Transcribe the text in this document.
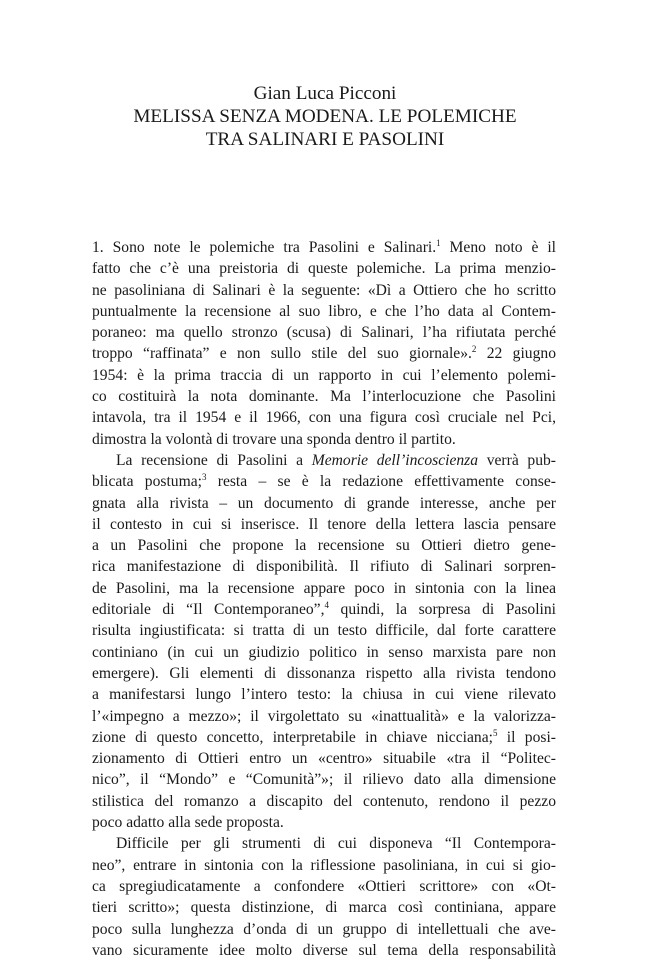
Gian Luca Picconi
MELISSA SENZA MODENA. LE POLEMICHE
TRA SALINARI E PASOLINI
1. Sono note le polemiche tra Pasolini e Salinari.$^1$ Meno noto è il
fatto che c’è una preistoria di queste polemiche. La prima menzio-
ne pasoliniana di Salinari è la seguente: «Dì a Ottiero che ho scritto
puntualmente la recensione al suo libro, e che l’ho data al Contem-
poraneo: ma quello stronzo (scusa) di Salinari, l’ha rifiutata perché
troppo “raffinata” e non sullo stile del suo giornale».$^2$ 22 giugno
1954: è la prima traccia di un rapporto in cui l’elemento polemi-
co costituirà la nota dominante. Ma l’interlocuzione che Pasolini
intavola, tra il 1954 e il 1966, con una figura così cruciale nel Pci,
dimostra la volontà di trovare una sponda dentro il partito.
La recensione di Pasolini a Memorie dell’incoscienza verrà pub-
blicata postuma;$^3$ resta – se è la redazione effettivamente conse-
gnata alla rivista – un documento di grande interesse, anche per
il contesto in cui si inserisce. Il tenore della lettera lascia pensare
a un Pasolini che propone la recensione su Ottieri dietro gene-
rica manifestazione di disponibilità. Il rifiuto di Salinari sorpren-
de Pasolini, ma la recensione appare poco in sintonia con la linea
editoriale di “Il Contemporaneo”,$^4$ quindi, la sorpresa di Pasolini
risulta ingiustificata: si tratta di un testo difficile, dal forte carattere
continiano (in cui un giudizio politico in senso marxista pare non
emergere). Gli elementi di dissonanza rispetto alla rivista tendono
a manifestarsi lungo l’intero testo: la chiusa in cui viene rilevato
l’«impegno a mezzo»; il virgolettato su «inattualità» e la valorizza-
zione di questo concetto, interpretabile in chiave nicciana;$^5$ il posi-
zionamento di Ottieri entro un «centro» situabile «tra il “Politec-
nico”, il “Mondo” e “Comunità”»; il rilievo dato alla dimensione
stilistica del romanzo a discapito del contenuto, rendono il pezzo
poco adatto alla sede proposta.
Difficile per gli strumenti di cui disponeva “Il Contempora-
neo”, entrare in sintonia con la riflessione pasoliniana, in cui si gio-
ca spregiudicatamente a confondere «Ottieri scrittore» con «Ot-
tieri scritto»; questa distinzione, di marca così continiana, appare
poco sulla lunghezza d’onda di un gruppo di intellettuali che ave-
vano sicuramente idee molto diverse sul tema della responsabilità
